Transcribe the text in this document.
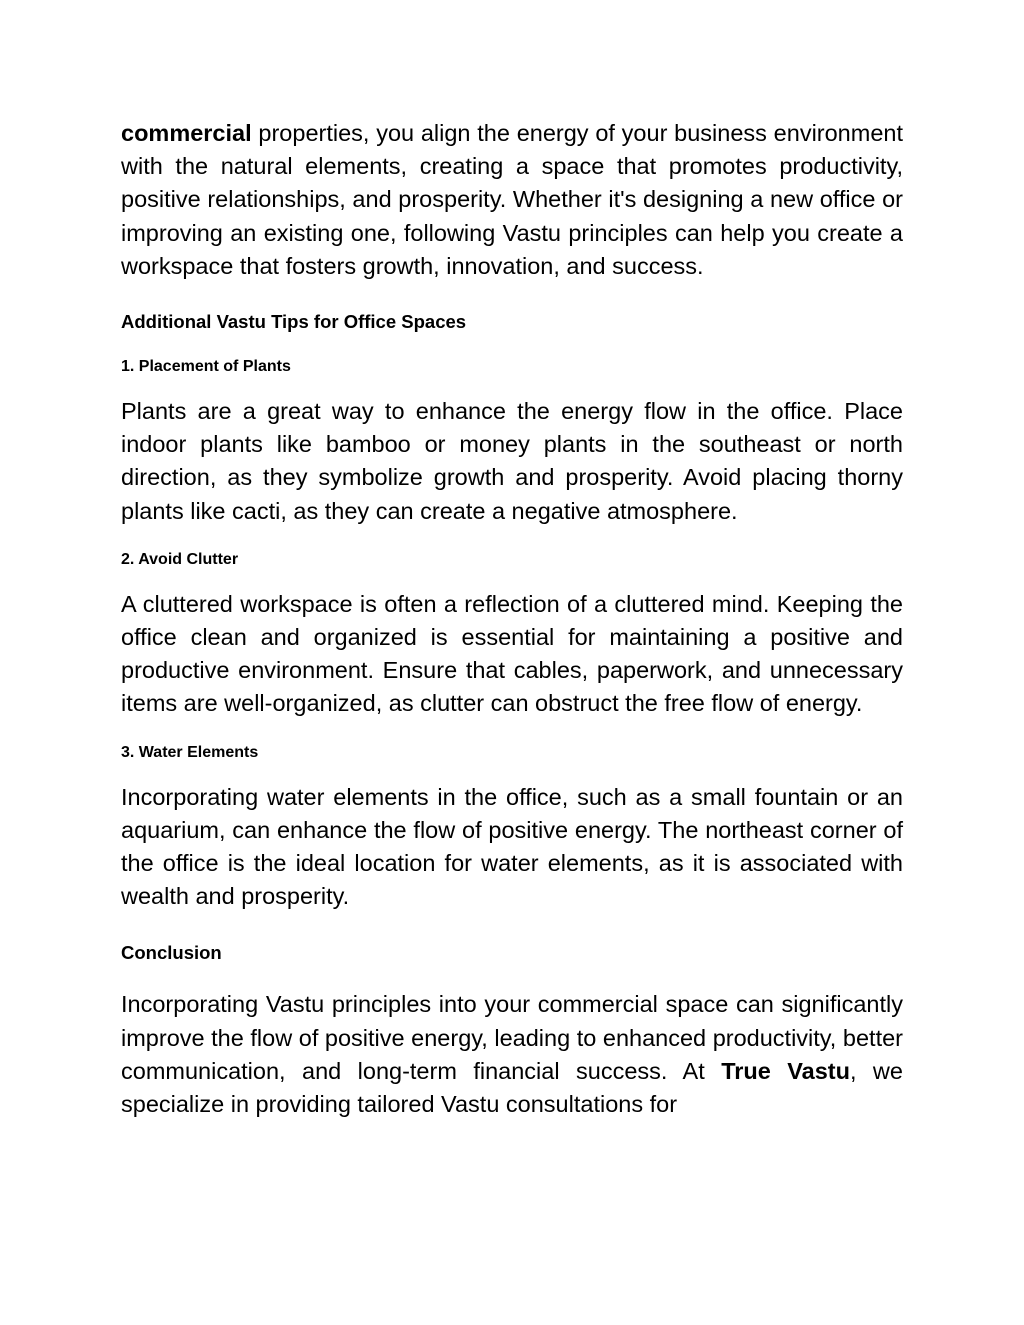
commercial properties, you align the energy of your business environment with the natural elements, creating a space that promotes productivity, positive relationships, and prosperity. Whether it's designing a new office or improving an existing one, following Vastu principles can help you create a workspace that fosters growth, innovation, and success.

Additional Vastu Tips for Office Spaces
1. Placement of Plants

Plants are a great way to enhance the energy flow in the office. Place indoor plants like bamboo or money plants in the southeast or north direction, as they symbolize growth and prosperity. Avoid placing thorny plants like cacti, as they can create a negative atmosphere.

2. Avoid Clutter

A cluttered workspace is often a reflection of a cluttered mind. Keeping the office clean and organized is essential for maintaining a positive and productive environment. Ensure that cables, paperwork, and unnecessary items are well-organized, as clutter can obstruct the free flow of energy.

3. Water Elements

Incorporating water elements in the office, such as a small fountain or an aquarium, can enhance the flow of positive energy. The northeast corner of the office is the ideal location for water elements, as it is associated with wealth and prosperity.

Conclusion

Incorporating Vastu principles into your commercial space can significantly improve the flow of positive energy, leading to enhanced productivity, better communication, and long-term financial success. At True Vastu, we specialize in providing tailored Vastu consultations for
